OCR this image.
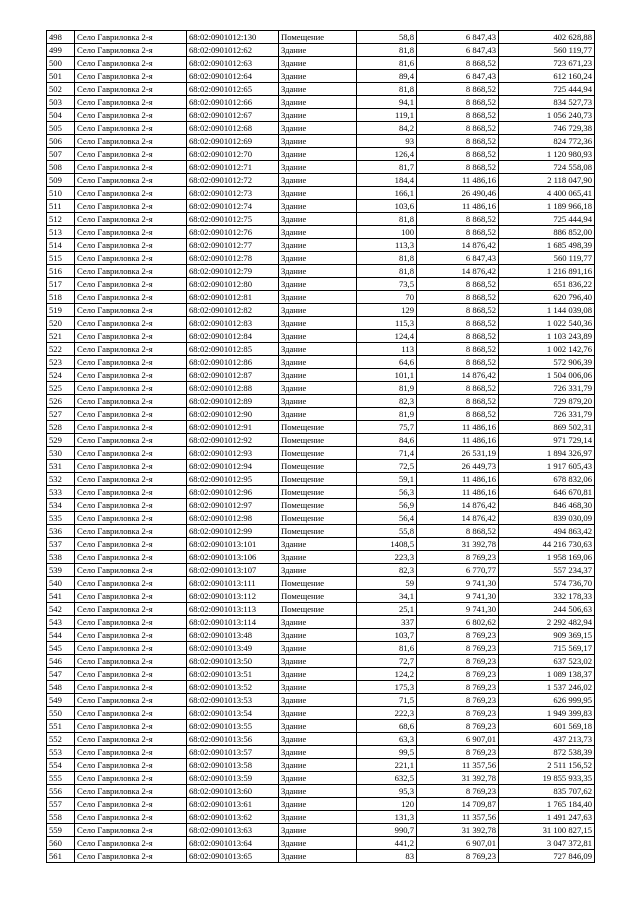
498	Село Гавриловка 2-я	68:02:0901012:130	Помещение	58,8	6 847,43	402 628,88
499	Село Гавриловка 2-я	68:02:0901012:62	Здание	81,8	6 847,43	560 119,77
500	Село Гавриловка 2-я	68:02:0901012:63	Здание	81,6	8 868,52	723 671,23
501	Село Гавриловка 2-я	68:02:0901012:64	Здание	89,4	6 847,43	612 160,24
502	Село Гавриловка 2-я	68:02:0901012:65	Здание	81,8	8 868,52	725 444,94
503	Село Гавриловка 2-я	68:02:0901012:66	Здание	94,1	8 868,52	834 527,73
504	Село Гавриловка 2-я	68:02:0901012:67	Здание	119,1	8 868,52	1 056 240,73
505	Село Гавриловка 2-я	68:02:0901012:68	Здание	84,2	8 868,52	746 729,38
506	Село Гавриловка 2-я	68:02:0901012:69	Здание	93	8 868,52	824 772,36
507	Село Гавриловка 2-я	68:02:0901012:70	Здание	126,4	8 868,52	1 120 980,93
508	Село Гавриловка 2-я	68:02:0901012:71	Здание	81,7	8 868,52	724 558,08
509	Село Гавриловка 2-я	68:02:0901012:72	Здание	184,4	11 486,16	2 118 047,90
510	Село Гавриловка 2-я	68:02:0901012:73	Здание	166,1	26 490,46	4 400 065,41
511	Село Гавриловка 2-я	68:02:0901012:74	Здание	103,6	11 486,16	1 189 966,18
512	Село Гавриловка 2-я	68:02:0901012:75	Здание	81,8	8 868,52	725 444,94
513	Село Гавриловка 2-я	68:02:0901012:76	Здание	100	8 868,52	886 852,00
514	Село Гавриловка 2-я	68:02:0901012:77	Здание	113,3	14 876,42	1 685 498,39
515	Село Гавриловка 2-я	68:02:0901012:78	Здание	81,8	6 847,43	560 119,77
516	Село Гавриловка 2-я	68:02:0901012:79	Здание	81,8	14 876,42	1 216 891,16
517	Село Гавриловка 2-я	68:02:0901012:80	Здание	73,5	8 868,52	651 836,22
518	Село Гавриловка 2-я	68:02:0901012:81	Здание	70	8 868,52	620 796,40
519	Село Гавриловка 2-я	68:02:0901012:82	Здание	129	8 868,52	1 144 039,08
520	Село Гавриловка 2-я	68:02:0901012:83	Здание	115,3	8 868,52	1 022 540,36
521	Село Гавриловка 2-я	68:02:0901012:84	Здание	124,4	8 868,52	1 103 243,89
522	Село Гавриловка 2-я	68:02:0901012:85	Здание	113	8 868,52	1 002 142,76
523	Село Гавриловка 2-я	68:02:0901012:86	Здание	64,6	8 868,52	572 906,39
524	Село Гавриловка 2-я	68:02:0901012:87	Здание	101,1	14 876,42	1 504 006,06
525	Село Гавриловка 2-я	68:02:0901012:88	Здание	81,9	8 868,52	726 331,79
526	Село Гавриловка 2-я	68:02:0901012:89	Здание	82,3	8 868,52	729 879,20
527	Село Гавриловка 2-я	68:02:0901012:90	Здание	81,9	8 868,52	726 331,79
528	Село Гавриловка 2-я	68:02:0901012:91	Помещение	75,7	11 486,16	869 502,31
529	Село Гавриловка 2-я	68:02:0901012:92	Помещение	84,6	11 486,16	971 729,14
530	Село Гавриловка 2-я	68:02:0901012:93	Помещение	71,4	26 531,19	1 894 326,97
531	Село Гавриловка 2-я	68:02:0901012:94	Помещение	72,5	26 449,73	1 917 605,43
532	Село Гавриловка 2-я	68:02:0901012:95	Помещение	59,1	11 486,16	678 832,06
533	Село Гавриловка 2-я	68:02:0901012:96	Помещение	56,3	11 486,16	646 670,81
534	Село Гавриловка 2-я	68:02:0901012:97	Помещение	56,9	14 876,42	846 468,30
535	Село Гавриловка 2-я	68:02:0901012:98	Помещение	56,4	14 876,42	839 030,09
536	Село Гавриловка 2-я	68:02:0901012:99	Помещение	55,8	8 868,52	494 863,42
537	Село Гавриловка 2-я	68:02:0901013:101	Здание	1408,5	31 392,78	44 216 730,63
538	Село Гавриловка 2-я	68:02:0901013:106	Здание	223,3	8 769,23	1 958 169,06
539	Село Гавриловка 2-я	68:02:0901013:107	Здание	82,3	6 770,77	557 234,37
540	Село Гавриловка 2-я	68:02:0901013:111	Помещение	59	9 741,30	574 736,70
541	Село Гавриловка 2-я	68:02:0901013:112	Помещение	34,1	9 741,30	332 178,33
542	Село Гавриловка 2-я	68:02:0901013:113	Помещение	25,1	9 741,30	244 506,63
543	Село Гавриловка 2-я	68:02:0901013:114	Здание	337	6 802,62	2 292 482,94
544	Село Гавриловка 2-я	68:02:0901013:48	Здание	103,7	8 769,23	909 369,15
545	Село Гавриловка 2-я	68:02:0901013:49	Здание	81,6	8 769,23	715 569,17
546	Село Гавриловка 2-я	68:02:0901013:50	Здание	72,7	8 769,23	637 523,02
547	Село Гавриловка 2-я	68:02:0901013:51	Здание	124,2	8 769,23	1 089 138,37
548	Село Гавриловка 2-я	68:02:0901013:52	Здание	175,3	8 769,23	1 537 246,02
549	Село Гавриловка 2-я	68:02:0901013:53	Здание	71,5	8 769,23	626 999,95
550	Село Гавриловка 2-я	68:02:0901013:54	Здание	222,3	8 769,23	1 949 399,83
551	Село Гавриловка 2-я	68:02:0901013:55	Здание	68,6	8 769,23	601 569,18
552	Село Гавриловка 2-я	68:02:0901013:56	Здание	63,3	6 907,01	437 213,73
553	Село Гавриловка 2-я	68:02:0901013:57	Здание	99,5	8 769,23	872 538,39
554	Село Гавриловка 2-я	68:02:0901013:58	Здание	221,1	11 357,56	2 511 156,52
555	Село Гавриловка 2-я	68:02:0901013:59	Здание	632,5	31 392,78	19 855 933,35
556	Село Гавриловка 2-я	68:02:0901013:60	Здание	95,3	8 769,23	835 707,62
557	Село Гавриловка 2-я	68:02:0901013:61	Здание	120	14 709,87	1 765 184,40
558	Село Гавриловка 2-я	68:02:0901013:62	Здание	131,3	11 357,56	1 491 247,63
559	Село Гавриловка 2-я	68:02:0901013:63	Здание	990,7	31 392,78	31 100 827,15
560	Село Гавриловка 2-я	68:02:0901013:64	Здание	441,2	6 907,01	3 047 372,81
561	Село Гавриловка 2-я	68:02:0901013:65	Здание	83	8 769,23	727 846,09
